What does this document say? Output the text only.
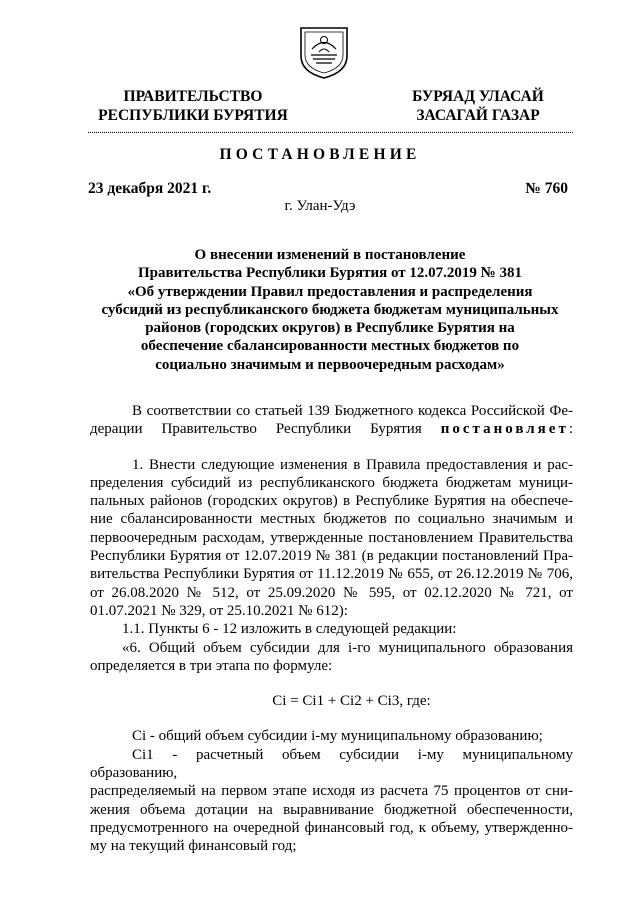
ПРАВИТЕЛЬСТВО
РЕСПУБЛИКИ БУРЯТИЯ
БУРЯАД УЛАСАЙ
ЗАСАГАЙ ГАЗАР
ПОСТАНОВЛЕНИЕ
23 декабря 2021 г.	№ 760
г. Улан-Удэ
О внесении изменений в постановление
Правительства Республики Бурятия от 12.07.2019 № 381
«Об утверждении Правил предоставления и распределения
субсидий из республиканского бюджета бюджетам муниципальных
районов (городских округов) в Республике Бурятия на
обеспечение сбалансированности местных бюджетов по
социально значимым и первоочередным расходам»
В соответствии со статьей 139 Бюджетного кодекса Российской Фе-
дерации Правительство Республики Бурятия постановляет:
1. Внести следующие изменения в Правила предоставления и рас-
пределения субсидий из республиканского бюджета бюджетам муници-
пальных районов (городских округов) в Республике Бурятия на обеспече-
ние сбалансированности местных бюджетов по социально значимым и
первоочередным расходам, утвержденные постановлением Правительства
Республики Бурятия от 12.07.2019 № 381 (в редакции постановлений Пра-
вительства Республики Бурятия от 11.12.2019 № 655, от 26.12.2019 № 706,
от 26.08.2020 № 512, от 25.09.2020 № 595, от 02.12.2020 № 721, от
01.07.2021 № 329, от 25.10.2021 № 612):
1.1. Пункты 6 - 12 изложить в следующей редакции:
«6. Общий объем субсидии для i-го муниципального образования
определяется в три этапа по формуле:
Ci = Ci1 + Ci2 + Ci3, где:
Ci - общий объем субсидии i-му муниципальному образованию;
Ci1 - расчетный объем субсидии i-му муниципальному образованию,
распределяемый на первом этапе исходя из расчета 75 процентов от сни-
жения объема дотации на выравнивание бюджетной обеспеченности,
предусмотренного на очередной финансовый год, к объему, утвержденно-
му на текущий финансовый год;
